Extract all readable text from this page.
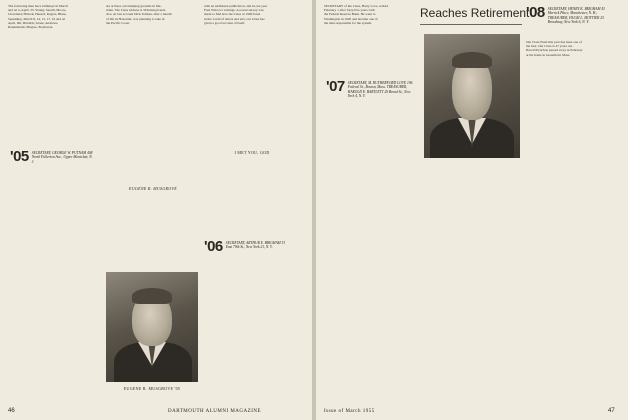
The following men have birthdays in March
and on to April: 23. Young; Seraili, Moore,
Cleveland; Hickok, Hazard, Rogers, Blunt,
Spaulding, March 8, 14, 15, 17, 22 and on
April, 6th, Burdick; Glaze; Andrews,
Raudenbush, Pingree, Boyleston.

'05 SECRETARY, GEORGE W. PUTNAM 408 North Fullerton Ave., Upper Montclair, N. J.
are at these old stamping grounds in Me-
riden. The Class address is 36 Pennsylvania
Ave. At last account Dick Tolman, after a month
of life in Honolulu, was planning to take in
the Pacific Coast.
EUGENE R. MUSGROVE
EUGENE R. MUSGROVE '05
with an additional publication, and in one year
Fred Wilcox's writings. A recent survey was
made to find how the Class of 1906 fared
in the world of letters and arts; our Class has
given a good account of itself.
I MET YOU, GOD
'06 SECRETARY, ARTHUR E. BRIGHAM 33 East 79th St., New York 21, N. Y.
46	DARTMOUTH ALUMNI MAGAZINE
SECRETARY of the Class, Harry Love, retired
February 1 after forty-five years with
the Federal Reserve Bank. He went to
Washington in 1920 and became one of
the men responsible for the system.
Reaches Retirement
'07 SECRETARY, M. RUTHERFORD LOVE 196 Federal St., Boston, Mass. TREASURER, HAROLD E. BARTLETT 20 Broad St., New York 4, N. Y.
'08 SECRETARY, HENRY K. BRIGHAM 43 Merrick Place, Manchester, N. H.; TREASURER, HUGH L. MOTTIER 25 Broadway, New York 6, N. Y.
Our Class Fund this year has been one of
the best. Our Class is 47 years out.
Harold Pynchon passed away in February
at his home in Greenfield, Mass.
Issue of March 1955	47
